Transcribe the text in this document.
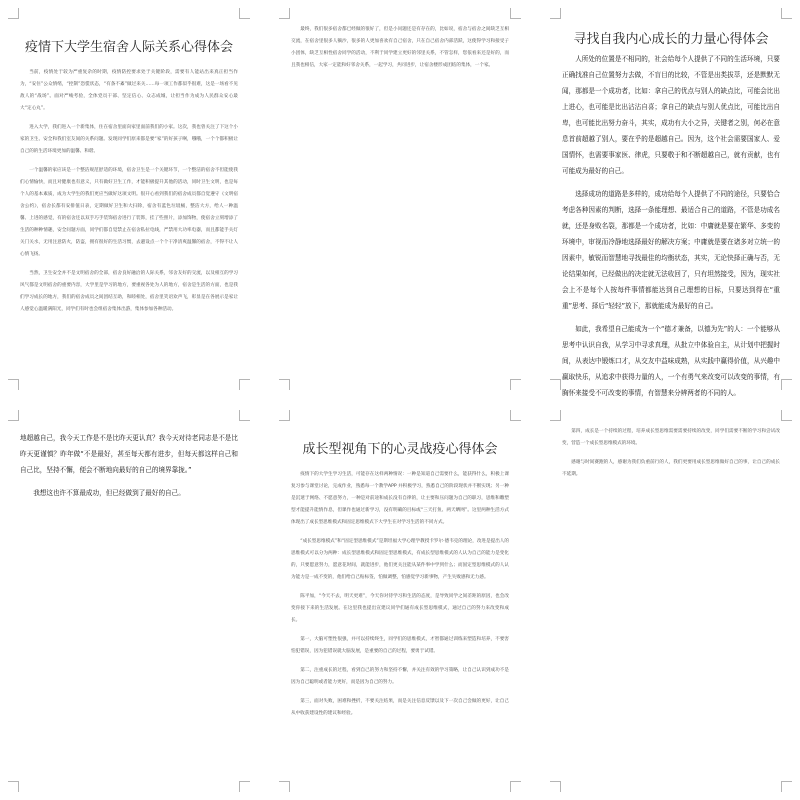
疫情下大学生宿舍人际关系心得体会

当前，疫情处于较为严重复杂的时期，疫情防控要求处于关键阶段，需要有人能站出来真正担当作为，“安住”公众情绪，“控制”恐慌状态，“有条不紊”做过来关……每一项工作都似乎很难，这是一场看不见敌人的“战场”。面对严峻考验，全体党员干部、坚定信心、众志成城，让担当作为成为人民群众安心最大“定心丸”。

进入大学，我们进入一个新集体，住在宿舍里面向家里面前我们的小家。这次，我也曾关注了下这个小家的卫生、安全和我们室友间的关系问题。发现同学们原来都是要“家”的好孩子啊，哦哦，一个个都积极让自己的的生活环境更加的温馨、和谐。

一个温馨的家应该是一个整洁规范舒适的环境，宿舍卫生是一个关键环节，一个整洁的宿舍不但能使我们心情愉快，而且对健康也有意义，只有做好卫生工作，才能积极提升其他的活动，同时卫生文明，也是每个人的基本素质，成为大学生的我们更应当做好这项文明。很开心看到我们的宿舍成员都自觉遵守《文明宿舍公约》，宿舍长都有安排值日表，定期做好卫生和大扫除，宿舍有蓝色垃圾桶，整洁大方，给人一种温馨、上进的感觉，有的宿舍还以双手巧手装饰宿舍进行了装饰，挂了些照片，添加饰物，使宿舍立刻增添了生活的种种情趣，安全问题方面，同学们都自觉禁止在宿舍私拉电线，严禁用大功率电器，而且都能手关灯关门关水，无用注意防火，防盗，拥有很好的生活习惯，去避设点一个个干净清爽温馨的宿舍，不得不让人心情飞扬。

当然，卫生安全并不是文明宿舍的全部，宿舍良好融洽的人际关系，邻舍友好的交流，以及相互的学习风气都是文明宿舍的重要内容，大学里是学习的地方，要重视各处为人的地方，宿舍是生活的方面，也是我们学习成长的地方，我们的宿舍成员之间团结互助，和睦相处，宿舍里笑语欢声飞，彰显是在各展示是家让人感觉心温暖满阳光，同学们有时也会组宿舍集体出游，集体参加各种活动。

最终，我们很多宿舍都已经做的很好了，但是小问题还是有存在的，比如说，宿舍与宿舍之间缺乏互相交流，在宿舍里很多人躺沙，很多的人更加喜欢有自己宿舍，只在自己宿舍内部活跃，这使得学习和接受子小团体，缺乏互相性宿舍同学的活动，不利于同学建立更好的邻里关系，不管怎样，您依看来还是好的，而且我也相信，大家一定能和好邻舍关系，一起学习，共同进步，让宿舍楼形成团结的集体，一个家。

寻找自我内心成长的力量心得体会

人所处的位置是不相同的，社会给每个人提供了不同的生活环境，只要正确找准自己位置努力去做，不盲目的比较，不管是出类拔萃，还是默默无闻，那都是一个成功者，比如：拿自己的优点与别人的缺点比，可能会比出上进心，也可能是比出沾沾自喜；拿自己的缺点与别人优点比，可能比出自卑，也可能比出努力奋斗，其实，成功有大小之异，关键者之别，何必在意息首前超越了别人，要在乎的是超越自己。因为，这个社会需要国家人、爱国情怀，也需要事家医、律虎，只要敬于和不断超越自己，就有贡献，也有可能成为最好的自己。

选择成功的道路是多样的，成功给每个人提供了不同的途径，只要恰合考虑各种因素的判断，选择一条能理想、最适合自己的道路，不管是功成名就，还是身败名裂，那都是一个成功者，比如：中庸就是要在繁华、多变的环境中，审视而冷静地选择最好的解决方案；中庸就是要在诸多对立统一的因素中，敏锐而智慧地寻找最佳的均衡状态，其实，无论快择正确与否，无论结果如何，已经做出的决定就无法收回了，只有坦然接受，因为，现实社会上不是每个人按每件事情都能达到自己理想的目标，只要达到得在“重重”思考、择后“轻轻”放下，那就能成为最好的自己。

如此，我希望自己能成为一个“德才兼备，以德为先”的人：一个能够从思考中认识自我，从学习中寻求真理，从批立中体验自主，从计划中把握时间，从表达中锻炼口才，从交友中益味成熟，从实践中赢得价值，从兴趣中赢取快乐，从追求中获得力量的人，一个有勇气来改变可以改变的事情，有胸怀来接受不可改变的事情，有智慧来分辨两者的不同的人。

地超越自己，我今天工作是不是比昨天更认真？我今天对待老同志是不是比昨天更谨慎？昨年做“不是最好，甚至每天都有进步，但每天都这样自己和自己比，坚持不懈，便会不断地向最好的自己的境界靠拢。”

我想这也许不算最成功，但已经做到了最好的自己。

成长型视角下的心灵战疫心得体会

疫情下的大学生学习生活，可能存在这样两种情况：一种是知道自己需要什么，能获得什么，积极上课复习参与课堂讨论，完成作业，熟悉每一个教学APP 并积极学习，熟悉自己的阶段现状并不断实现；另一种是沉迷于网络、不愿意努力，一种是对前途和成长没有自律的，让主要和压问题为自己的职习，思维和雕塑型才能提升能情作息，但课作也通过新学习，没有明确的目标或“三天打鱼、两天晒网”。这里两种生活方式体现出了成长型思维模式和固定思维模式下大学生在对学习生活的不同方式。

“成长型思维模式”和“固定型思维模式”是斯坦福大学心理学教授卡罗尔·德韦克的理论，改进是提出人的思维模式可以分为两种：成长型思维模式和固定型思维模式，有成长型思维模式的人认为自己的能力是变化的，只要愿意努力，愿意花时间，就能进步，他们更关注能从某件事中学到什么；而固定型思维模式的人认为能力是一成不变的，他们给自己贴标签，怕做调整，怕感觉学习新事物，产生失败感和无力感。

陈平加，“今天不去，明天更难”，今天你对待学习和生活的态度，是导致同学之间差距的原因，也会改变你接下来的生活发展。在这里我也提出宣建议同学们通有成长型思维模式，通过自己的努力来改变和成长。

第一，大脑可塑性很强，并可以持续终生，同学们的思维模式，才智都通过训练来塑造和培养，不要害怕犯错误，因为犯错误就大脑发展，是重要的自己的过程，要勇于试错。

第二，注重成长的过程，看到自己的努力和坚持不懈，并关注有效的学习策略，让自己认识到成功不是因为自己聪明或者能力更好，而是因为自己的努力。

第三，面对失败，困难和挫折，不要关注结果，而是关注信息反馈以及下一次自己会做的更好，让自己从中收获建设性的建议和经验。

第四，成长是一个持续的过程，培养成长型思维需要需要持续的改变，同学们需要不断的学习和尝试改变，营造一个成长型思维模式的环境。

感谢与时间赛跑的人，感谢为我们负重前行的人，我们更要用成长型思维做好自己的事，让自己的成长不延期。
